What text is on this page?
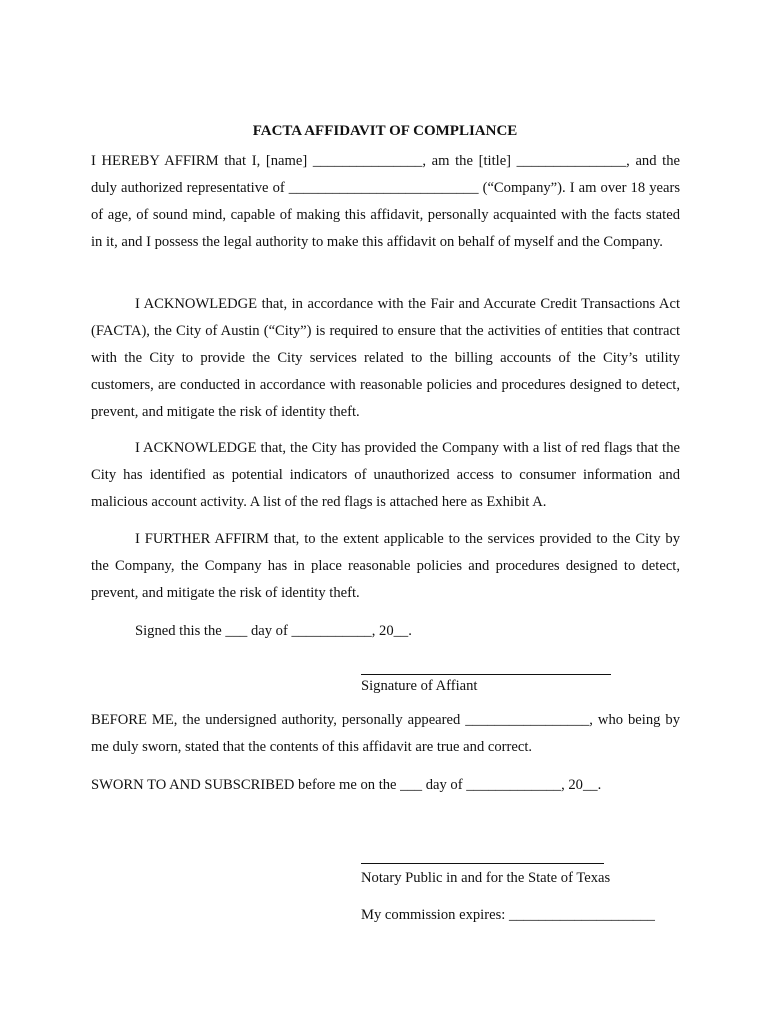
FACTA AFFIDAVIT OF COMPLIANCE

I HEREBY AFFIRM that I, [name] _______________, am the [title] _______________, and the duly authorized representative of __________________________ (“Company”). I am over 18 years of age, of sound mind, capable of making this affidavit, personally acquainted with the facts stated in it, and I possess the legal authority to make this affidavit on behalf of myself and the Company.

I ACKNOWLEDGE that, in accordance with the Fair and Accurate Credit Transactions Act (FACTA), the City of Austin (“City”) is required to ensure that the activities of entities that contract with the City to provide the City services related to the billing accounts of the City’s utility customers, are conducted in accordance with reasonable policies and procedures designed to detect, prevent, and mitigate the risk of identity theft.

I ACKNOWLEDGE that, the City has provided the Company with a list of red flags that the City has identified as potential indicators of unauthorized access to consumer information and malicious account activity. A list of the red flags is attached here as Exhibit A.

I FURTHER AFFIRM that, to the extent applicable to the services provided to the City by the Company, the Company has in place reasonable policies and procedures designed to detect, prevent, and mitigate the risk of identity theft.

Signed this the ___ day of ___________, 20__.
Signature of Affiant

BEFORE ME, the undersigned authority, personally appeared _________________, who being by me duly sworn, stated that the contents of this affidavit are true and correct.

SWORN TO AND SUBSCRIBED before me on the ___ day of _____________, 20__.
Notary Public in and for the State of Texas
My commission expires: ____________________
